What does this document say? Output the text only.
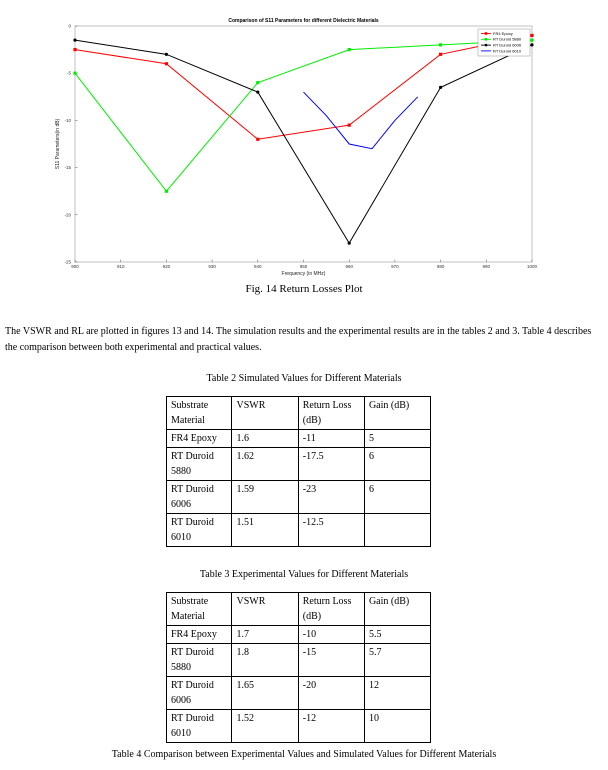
Comparison of S11 Parameters for different Dielectric Materials
900	910	920	930	940	950	960	970	980	990	1000
0
-5
-10
-15
-20
-25
Frequency (in MHz)
S11 Parameters(in dB)
FR4 Epoxy
RT Duroid 5880
RT Duroid 6006
RT Duroid 6010
Fig. 14 Return Losses Plot
The VSWR and RL are plotted in figures 13 and 14. The simulation results and the experimental results are in the tables 2 and 3. Table 4 describes the comparison between both experimental and practical values.
Table 2 Simulated Values for Different Materials
Substrate Material	VSWR	Return Loss (dB)	Gain (dB)
FR4 Epoxy	1.6	-11	5
RT Duroid 5880	1.62	-17.5	6
RT Duroid 6006	1.59	-23	6
RT Duroid 6010	1.51	-12.5	
Table 3 Experimental Values for Different Materials
Substrate Material	VSWR	Return Loss (dB)	Gain (dB)
FR4 Epoxy	1.7	-10	5.5
RT Duroid 5880	1.8	-15	5.7
RT Duroid 6006	1.65	-20	12
RT Duroid 6010	1.52	-12	10
Table 4 Comparison between Experimental Values and Simulated Values for Different Materials
